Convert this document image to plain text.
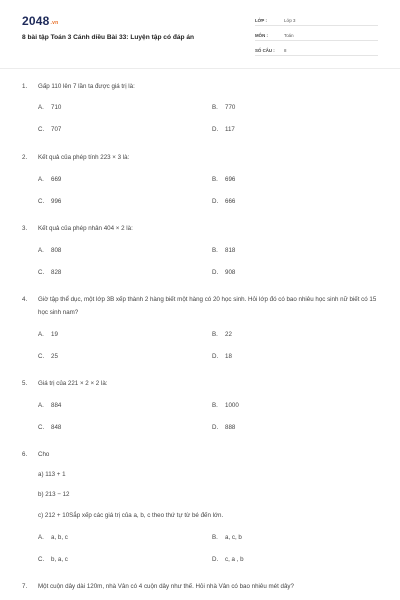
2048.vn
8 bài tập Toán 3 Cánh diều Bài 33: Luyện tập có đáp án
LỚP :	Lớp 3
MÔN :	Toán
SỐ CÂU : 8
1. Gấp 110 lên 7 lần ta được giá trị là:
A. 710	B. 770
C. 707	D. 117
2. Kết quả của phép tính 223 × 3 là:
A. 669	B. 696
C. 996	D. 666
3. Kết quả của phép nhân 404 × 2 là:
A. 808	B. 818
C. 828	D. 908
4. Giờ tập thể dục, một lớp 3B xếp thành 2 hàng biết một hàng có 20 học sinh. Hỏi lớp đó có bao nhiêu học sinh nữ biết có 15 học sinh nam?
A. 19	B. 22
C. 25	D. 18
5. Giá trị của 221 × 2 × 2 là:
A. 884	B. 1000
C. 848	D. 888
6. Cho
a) 113 + 1
b) 213 − 12
c) 212 + 10Sắp xếp các giá trị của a, b, c theo thứ tự từ bé đến lớn.
A. a, b, c	B. a, c, b
C. b, a, c	D. c, a , b
7. Một cuộn dây dài 120m, nhà Vân có 4 cuộn dây như thế. Hỏi nhà Vân có bao nhiêu mét dây?
